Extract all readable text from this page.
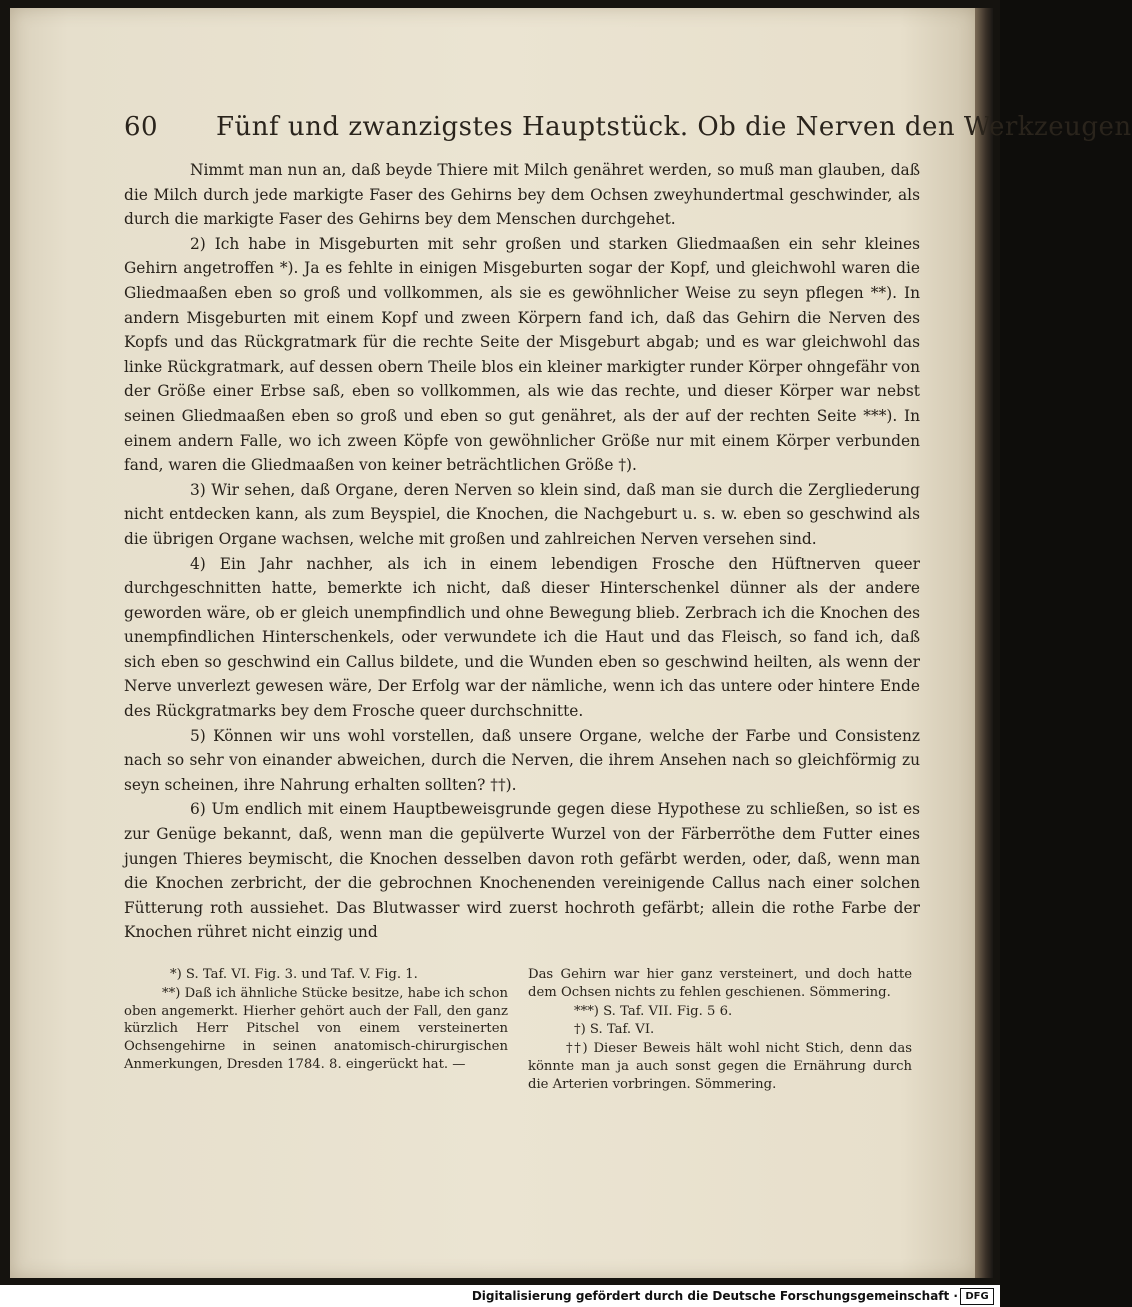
60 Fünf und zwanzigstes Hauptstück. Ob die Nerven den Werkzeugen

Nimmt man nun an, daß beyde Thiere mit Milch genähret werden, so muß man glauben, daß die Milch durch jede markigte Faser des Gehirns bey dem Ochsen zweyhundertmal geschwinder, als durch die markigte Faser des Gehirns bey dem Menschen durchgehet.

2) Ich habe in Misgeburten mit sehr großen und starken Gliedmaaßen ein sehr kleines Gehirn angetroffen *). Ja es fehlte in einigen Misgeburten sogar der Kopf, und gleichwohl waren die Gliedmaaßen eben so groß und vollkommen, als sie es gewöhnlicher Weise zu seyn pflegen **). In andern Misgeburten mit einem Kopf und zween Körpern fand ich, daß das Gehirn die Nerven des Kopfs und das Rückgratmark für die rechte Seite der Misgeburt abgab; und es war gleichwohl das linke Rückgratmark, auf dessen obern Theile blos ein kleiner markigter runder Körper ohngefähr von der Größe einer Erbse saß, eben so vollkommen, als wie das rechte, und dieser Körper war nebst seinen Gliedmaaßen eben so groß und eben so gut genähret, als der auf der rechten Seite ***). In einem andern Falle, wo ich zween Köpfe von gewöhnlicher Größe nur mit einem Körper verbunden fand, waren die Gliedmaaßen von keiner beträchtlichen Größe †).

3) Wir sehen, daß Organe, deren Nerven so klein sind, daß man sie durch die Zergliederung nicht entdecken kann, als zum Beyspiel, die Knochen, die Nachgeburt u. s. w. eben so geschwind als die übrigen Organe wachsen, welche mit großen und zahlreichen Nerven versehen sind.

4) Ein Jahr nachher, als ich in einem lebendigen Frosche den Hüftnerven queer durchgeschnitten hatte, bemerkte ich nicht, daß dieser Hinterschenkel dünner als der andere geworden wäre, ob er gleich unempfindlich und ohne Bewegung blieb. Zerbrach ich die Knochen des unempfindlichen Hinterschenkels, oder verwundete ich die Haut und das Fleisch, so fand ich, daß sich eben so geschwind ein Callus bildete, und die Wunden eben so geschwind heilten, als wenn der Nerve unverlezt gewesen wäre, Der Erfolg war der nämliche, wenn ich das untere oder hintere Ende des Rückgratmarks bey dem Frosche queer durchschnitte.

5) Können wir uns wohl vorstellen, daß unsere Organe, welche der Farbe und Consistenz nach so sehr von einander abweichen, durch die Nerven, die ihrem Ansehen nach so gleichförmig zu seyn scheinen, ihre Nahrung erhalten sollten? ††).

6) Um endlich mit einem Hauptbeweisgrunde gegen diese Hypothese zu schließen, so ist es zur Genüge bekannt, daß, wenn man die gepülverte Wurzel von der Färberröthe dem Futter eines jungen Thieres beymischt, die Knochen desselben davon roth gefärbt werden, oder, daß, wenn man die Knochen zerbricht, der die gebrochnen Knochenenden vereinigende Callus nach einer solchen Fütterung roth aussiehet. Das Blutwasser wird zuerst hochroth gefärbt; allein die rothe Farbe der Knochen rühret nicht einzig und

*) S. Taf. VI. Fig. 3. und Taf. V. Fig. 1.

**) Daß ich ähnliche Stücke besitze, habe ich schon oben angemerkt. Hierher gehört auch der Fall, den ganz kürzlich Herr Pitschel von einem versteinerten Ochsengehirne in seinen anatomisch-chirurgischen Anmerkungen, Dresden 1784. 8. eingerückt hat. —

Das Gehirn war hier ganz versteinert, und doch hatte dem Ochsen nichts zu fehlen geschienen. Sömmering.

***) S. Taf. VII. Fig. 5 6.

†) S. Taf. VI.

††) Dieser Beweis hält wohl nicht Stich, denn das könnte man ja auch sonst gegen die Ernährung durch die Arterien vorbringen. Sömmering.

Digitalisierung gefördert durch die Deutsche Forschungsgemeinschaft · DFG
